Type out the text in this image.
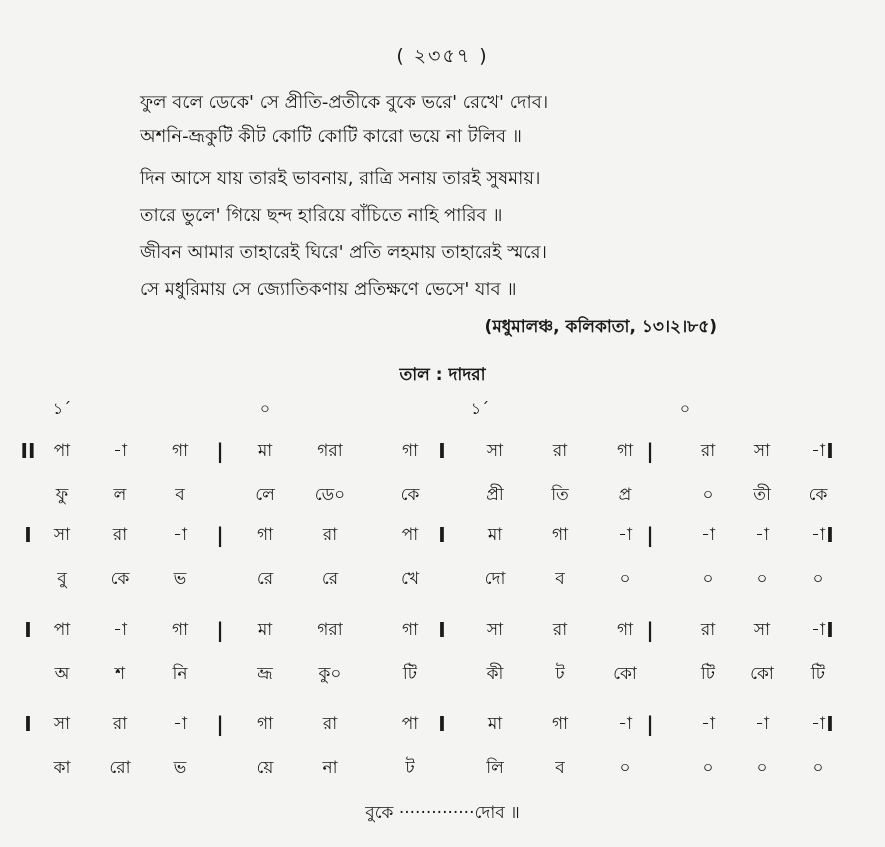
( ২৩৫৭ )
ফুল বলে ডেকে' সে প্রীতি-প্রতীকে বুকে ভরে' রেখে' দোব।
অশনি-ভ্রূকুটি কীট কোটি কোটি কারো ভয়ে না টলিব ॥
দিন আসে যায় তারই ভাবনায়, রাত্রি সনায় তারই সুষমায়।
তারে ভুলে' গিয়ে ছন্দ হারিয়ে বাঁচিতে নাহি পারিব ॥
জীবন আমার তাহারেই ঘিরে' প্রতি লহমায় তাহারেই স্মরে।
সে মধুরিমায় সে জ্যোতিকণায় প্রতিক্ষণে ভেসে' যাব ॥
(মধুমালঞ্চ, কলিকাতা, ১৩।২।৮৫)
তাল : দাদরা
১´	০	১´	০
II	|	I	|	I
পা	-া	গা	মা	গরা	গা	সা	রা	গা	রা সা -া
ফু	ল	ব	লে ডে০	কে	প্রী	তি	প্র	০ তী কে
I	|	I	|	I
সা	রা	-া	গা	রা	পা	মা	গা	-া	-া -া -া
বু	কে	ভ	রে	রে	খে	দো	ব	০	০	০	০
I	|	I	|	I
পা	-া	গা	মা	গরা	গা	সা	রা	গা	রা সা -া
অ	শ	নি	ভ্রূ	কু০	টি	কী	ট	কো	টি কো টি
I	|	I	|	I
সা	রা	-া	গা	রা	পা	মা	গা	-া	-া -া -া
কা রো	ভ	য়ে	না	ট	লি	ব	০	০	০	০
বুকে ··············দোব ॥
